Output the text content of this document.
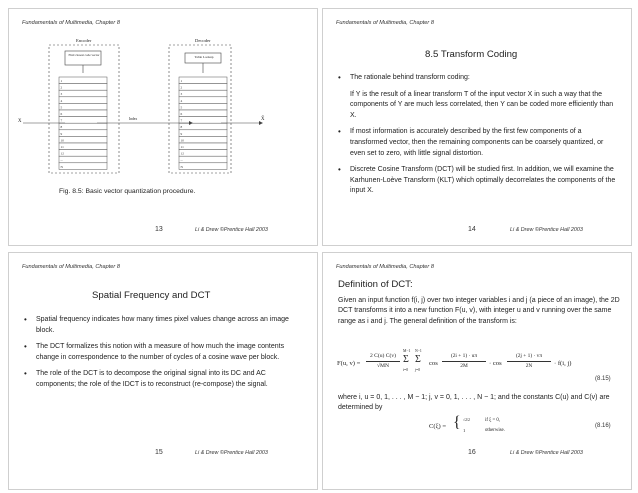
Fundamentals of Multimedia, Chapter 8
1
2
3
4
5
6
7
8
9
10
11
12
...
N
1
2
3
4
5
6
7
8
9
10
11
12
...
N
Encoder	Decoder
Find closest code vector	Table Lookup
X	X̂
Index
Fig. 8.5: Basic vector quantization procedure.
13	Li & Drew ©Prentice Hall 2003
Fundamentals of Multimedia, Chapter 8
8.5 Transform Coding
• The rationale behind transform coding:
If Y is the result of a linear transform T of the input vector X in such a way that the components of Y are much less correlated, then Y can be coded more efficiently than X.
• If most information is accurately described by the first few components of a transformed vector, then the remaining components can be coarsely quantized, or even set to zero, with little signal distortion.
• Discrete Cosine Transform (DCT) will be studied first. In addition, we will examine the Karhunen-Loève Transform (KLT) which optimally decorrelates the components of the input X.
14	Li & Drew ©Prentice Hall 2003
Fundamentals of Multimedia, Chapter 8
Spatial Frequency and DCT
• Spatial frequency indicates how many times pixel values change across an image block.
• The DCT formalizes this notion with a measure of how much the image contents change in correspondence to the number of cycles of a cosine wave per block.
• The role of the DCT is to decompose the original signal into its DC and AC components; the role of the IDCT is to reconstruct (re-compose) the signal.
15	Li & Drew ©Prentice Hall 2003
Fundamentals of Multimedia, Chapter 8
Definition of DCT:
Given an input function f(i, j) over two integer variables i and j (a piece of an image), the 2D DCT transforms it into a new function F(u, v), with integer u and v running over the same range as i and j. The general definition of the transform is:
F(u, v) =
2 C(u) C(v)
√MN
M−1
Σ
i=0
N−1
Σ
j=0
cos
(2i + 1) · uπ
2M	· cos
(2j + 1) · vπ
2N	· f(i, j)
(8.15)
where i, u = 0, 1, . . . , M − 1; j, v = 0, 1, . . . , N − 1; and the constants C(u) and C(v) are determined by
C(ξ) = { √2/2
1
if ξ = 0,
otherwise.
(8.16)
16	Li & Drew ©Prentice Hall 2003
